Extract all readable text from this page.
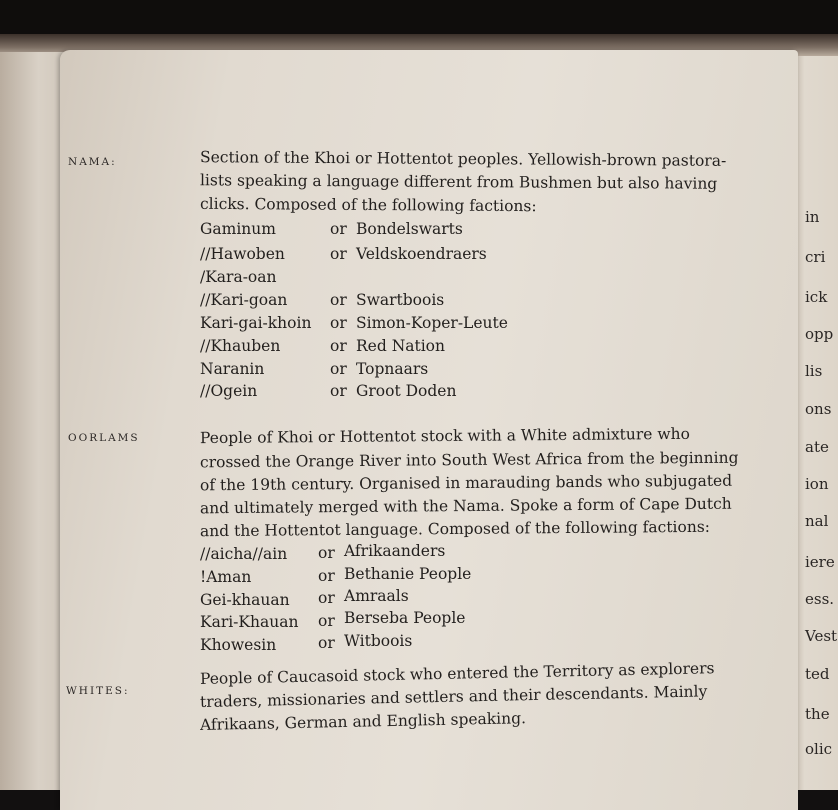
NAMA:	Section of the Khoi or Hottentot peoples. Yellowish-brown pastora-
lists speaking a language different from Bushmen but also having
clicks. Composed of the following factions:
Gaminum	or Bondelswarts
//Hawoben	or Veldskoendraers
/Kara-oan
//Kari-goan	or Swartboois
Kari-gai-khoin or Simon-Koper-Leute
//Khauben	or Red Nation
Naranin	or Topnaars
//Ogein	or Groot Doden
OORLAMS	People of Khoi or Hottentot stock with a White admixture who
crossed the Orange River into South West Africa from the beginning
of the 19th century. Organised in marauding bands who subjugated
and ultimately merged with the Nama. Spoke a form of Cape Dutch
and the Hottentot language. Composed of the following factions:
//aicha//ain or Afrikaanders
!Aman	or Bethanie People
Gei-khauan or Amraals
Kari-Khauan or Berseba People
Khowesin	or Witboois
WHITES:
People of Caucasoid stock who entered the Territory as explorers
traders, missionaries and settlers and their descendants. Mainly
Afrikaans, German and English speaking.
in
cri
ick
opp
lis
ons
ate
ion
nal
iere
ess.
Vest
ted
the
olic
